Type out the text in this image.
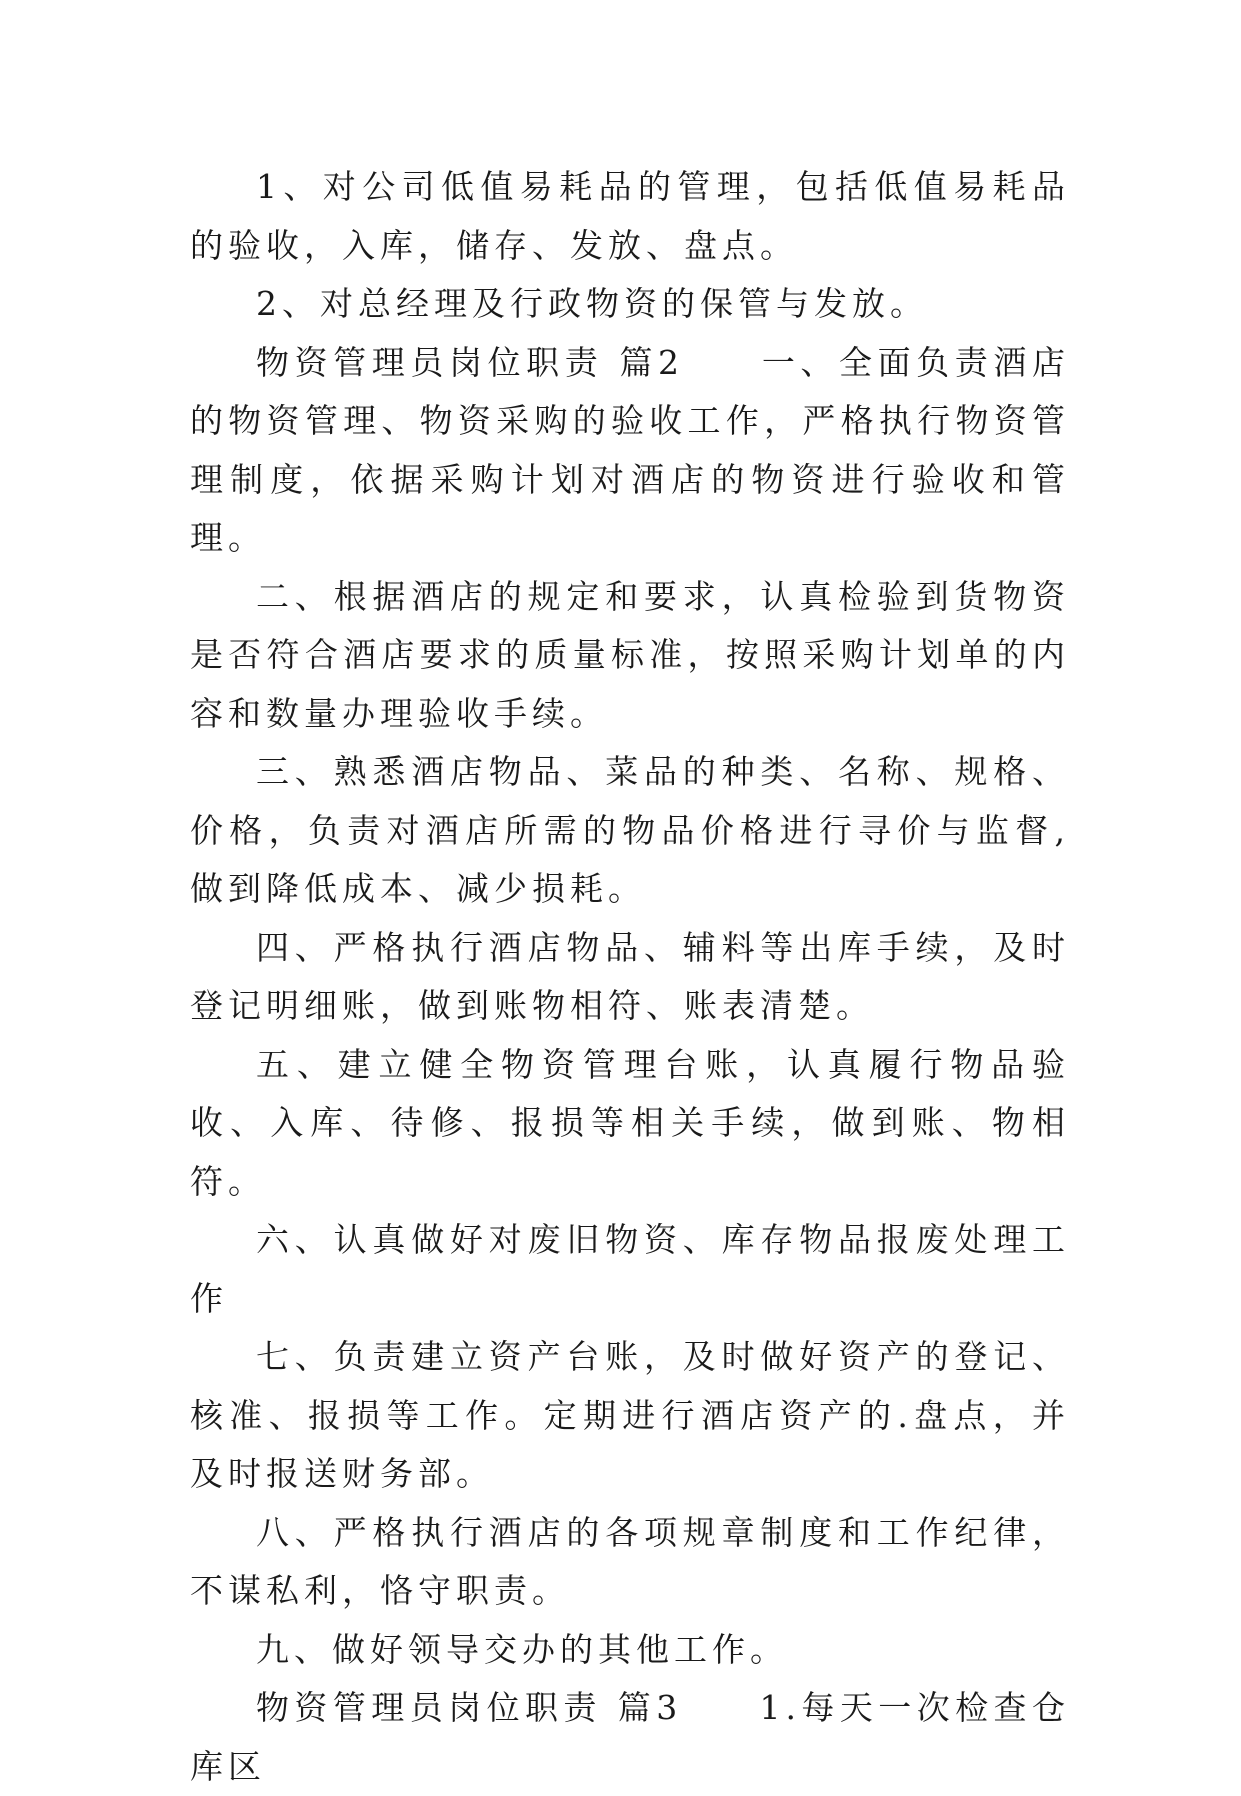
1、对公司低值易耗品的管理，包括低值易耗品的验收，入库，储存、发放、盘点。

2、对总经理及行政物资的保管与发放。

物资管理员岗位职责 篇2　　一、全面负责酒店的物资管理、物资采购的验收工作，严格执行物资管理制度，依据采购计划对酒店的物资进行验收和管理。

二、根据酒店的规定和要求，认真检验到货物资是否符合酒店要求的质量标准，按照采购计划单的内容和数量办理验收手续。

三、熟悉酒店物品、菜品的种类、名称、规格、价格，负责对酒店所需的物品价格进行寻价与监督,做到降低成本、减少损耗。

四、严格执行酒店物品、辅料等出库手续，及时登记明细账，做到账物相符、账表清楚。

五、建立健全物资管理台账，认真履行物品验收、入库、待修、报损等相关手续，做到账、物相符。

六、认真做好对废旧物资、库存物品报废处理工作

七、负责建立资产台账，及时做好资产的登记、核准、报损等工作。定期进行酒店资产的.盘点，并及时报送财务部。

八、严格执行酒店的各项规章制度和工作纪律，不谋私利，恪守职责。

九、做好领导交办的其他工作。

物资管理员岗位职责 篇3　　1.每天一次检查仓库区
